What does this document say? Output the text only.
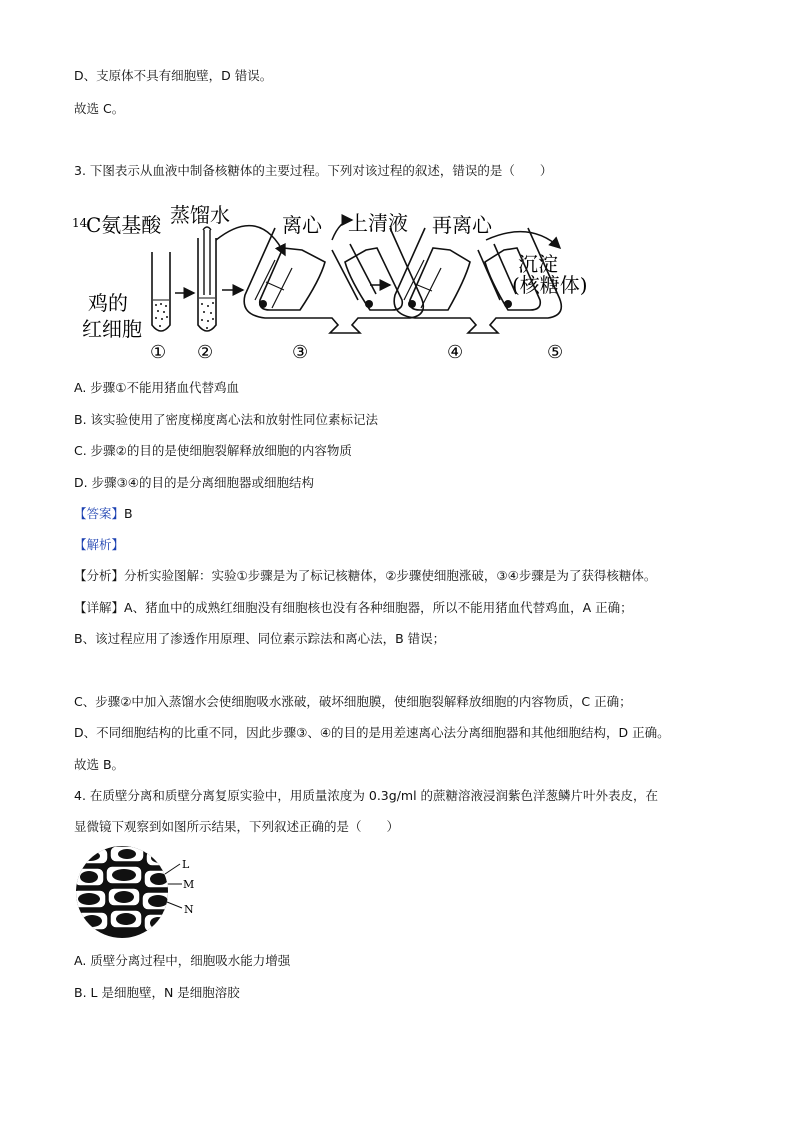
D、支原体不具有细胞壁，D 错误。
故选 C。
3. 下图表示从血液中制备核糖体的主要过程。下列对该过程的叙述，错误的是（　　）
14
C氨基酸 蒸馏水	离心 上清液 再离心
沉淀
(核糖体)
鸡的
红细胞
① ②	③	④	⑤
A. 步骤①不能用猪血代替鸡血
B. 该实验使用了密度梯度离心法和放射性同位素标记法
C. 步骤②的目的是使细胞裂解释放细胞的内容物质
D. 步骤③④的目的是分离细胞器或细胞结构
【答案】B
【解析】
【分析】分析实验图解：实验①步骤是为了标记核糖体，②步骤使细胞涨破，③④步骤是为了获得核糖体。
【详解】A、猪血中的成熟红细胞没有细胞核也没有各种细胞器，所以不能用猪血代替鸡血，A 正确；
B、该过程应用了渗透作用原理、同位素示踪法和离心法，B 错误；
C、步骤②中加入蒸馏水会使细胞吸水涨破，破坏细胞膜，使细胞裂解释放细胞的内容物质，C 正确；
D、不同细胞结构的比重不同，因此步骤③、④的目的是用差速离心法分离细胞器和其他细胞结构，D 正确。
故选 B。
4. 在质壁分离和质壁分离复原实验中，用质量浓度为 0.3g/ml 的蔗糖溶液浸润紫色洋葱鳞片叶外表皮，在
显微镜下观察到如图所示结果，下列叙述正确的是（　　）
L
M
N
A. 质壁分离过程中，细胞吸水能力增强
B. L 是细胞壁，N 是细胞溶胶
